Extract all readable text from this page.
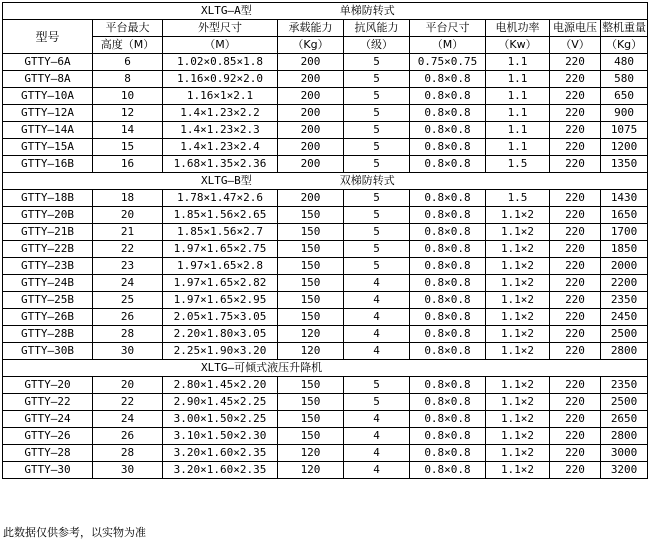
XLTG—A型 单梯防转式								
型号	平台最大	外型尺寸	承载能力	抗风能力	平台尺寸	电机功率	电源电压	整机重量
	高度（M）	（M）	（Kg）	（级）	（M）	（Kw）	（V）	（Kg）
GTTY—6A	6	1.02×0.85×1.8	200	5	0.75×0.75	1.1	220	480
GTTY—8A	8	1.16×0.92×2.0	200	5	0.8×0.8	1.1	220	580
GTTY—10A	10	1.16×1×2.1	200	5	0.8×0.8	1.1	220	650
GTTY—12A	12	1.4×1.23×2.2	200	5	0.8×0.8	1.1	220	900
GTTY—14A	14	1.4×1.23×2.3	200	5	0.8×0.8	1.1	220	1075
GTTY—15A	15	1.4×1.23×2.4	200	5	0.8×0.8	1.1	220	1200
GTTY—16B	16	1.68×1.35×2.36	200	5	0.8×0.8	1.5	220	1350
XLTG—B型 双梯防转式								
GTTY—18B	18	1.78×1.47×2.6	200	5	0.8×0.8	1.5	220	1430
GTTY—20B	20	1.85×1.56×2.65	150	5	0.8×0.8	1.1×2	220	1650
GTTY—21B	21	1.85×1.56×2.7	150	5	0.8×0.8	1.1×2	220	1700
GTTY—22B	22	1.97×1.65×2.75	150	5	0.8×0.8	1.1×2	220	1850
GTTY—23B	23	1.97×1.65×2.8	150	5	0.8×0.8	1.1×2	220	2000
GTTY—24B	24	1.97×1.65×2.82	150	4	0.8×0.8	1.1×2	220	2200
GTTY—25B	25	1.97×1.65×2.95	150	4	0.8×0.8	1.1×2	220	2350
GTTY—26B	26	2.05×1.75×3.05	150	4	0.8×0.8	1.1×2	220	2450
GTTY—28B	28	2.20×1.80×3.05	120	4	0.8×0.8	1.1×2	220	2500
GTTY—30B	30	2.25×1.90×3.20	120	4	0.8×0.8	1.1×2	220	2800
XLTG—可倾式液压升降机								
GTTY—20	20	2.80×1.45×2.20	150	5	0.8×0.8	1.1×2	220	2350
GTTY—22	22	2.90×1.45×2.25	150	5	0.8×0.8	1.1×2	220	2500
GTTY—24	24	3.00×1.50×2.25	150	4	0.8×0.8	1.1×2	220	2650
GTTY—26	26	3.10×1.50×2.30	150	4	0.8×0.8	1.1×2	220	2800
GTTY—28	28	3.20×1.60×2.35	120	4	0.8×0.8	1.1×2	220	3000
GTTY—30	30	3.20×1.60×2.35	120	4	0.8×0.8	1.1×2	220	3200
此数据仅供参考，以实物为准
